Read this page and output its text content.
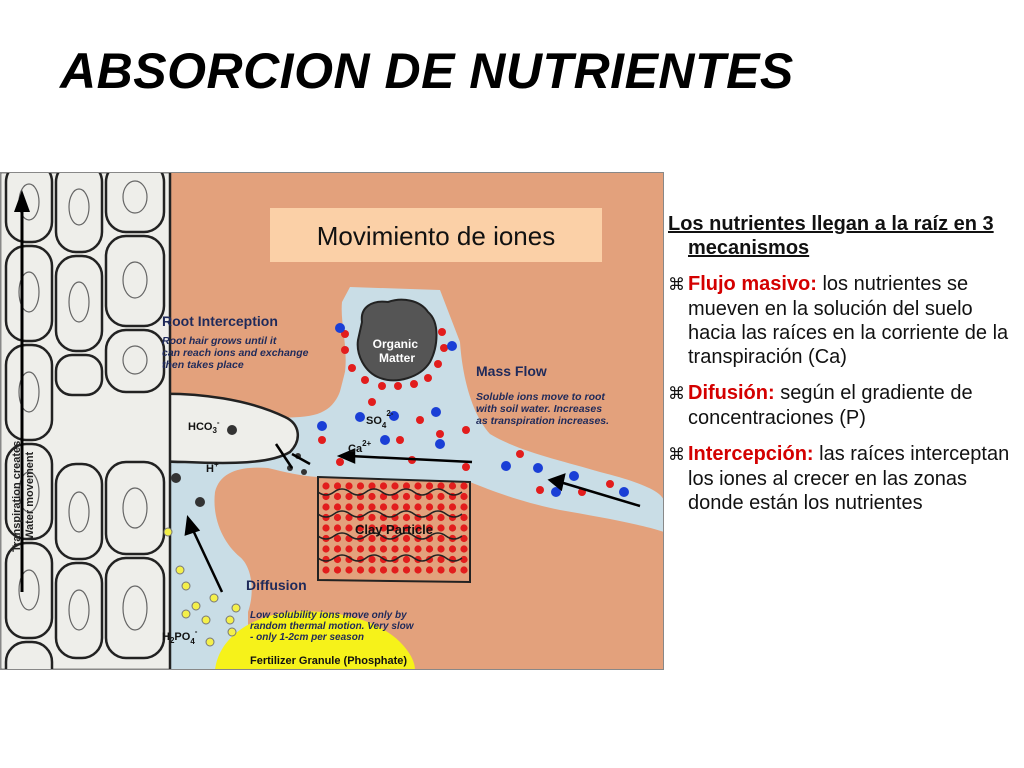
ABSORCION DE NUTRIENTES
Transpiration creates Water movement
Organic Matter
Clay Particle
Fertilizer Granule (Phosphate)
$HCO_3^-$
H+
$SO_4^{2-}$
$Ca^{2+}$
$H_2PO_4^-$
Root Interception
Root hair grows until it
can reach ions and exchange
then takes place	Mass Flow
Soluble ions move to root
with soil water. Increases
as transpiration increases.
Diffusion
Low solubility ions move only by
random thermal motion. Very slow
- only 1-2cm per season
Movimiento de iones	Los nutrientes llegan a la raíz en 3 mecanismos
⌘ Flujo masivo: los nutrientes se mueven en la solución del suelo hacia las raíces en la corriente de la transpiración (Ca)
⌘ Difusión: según el gradiente de concentraciones (P)
⌘ Intercepción: las raíces interceptan los iones al crecer en las zonas donde están los nutrientes
